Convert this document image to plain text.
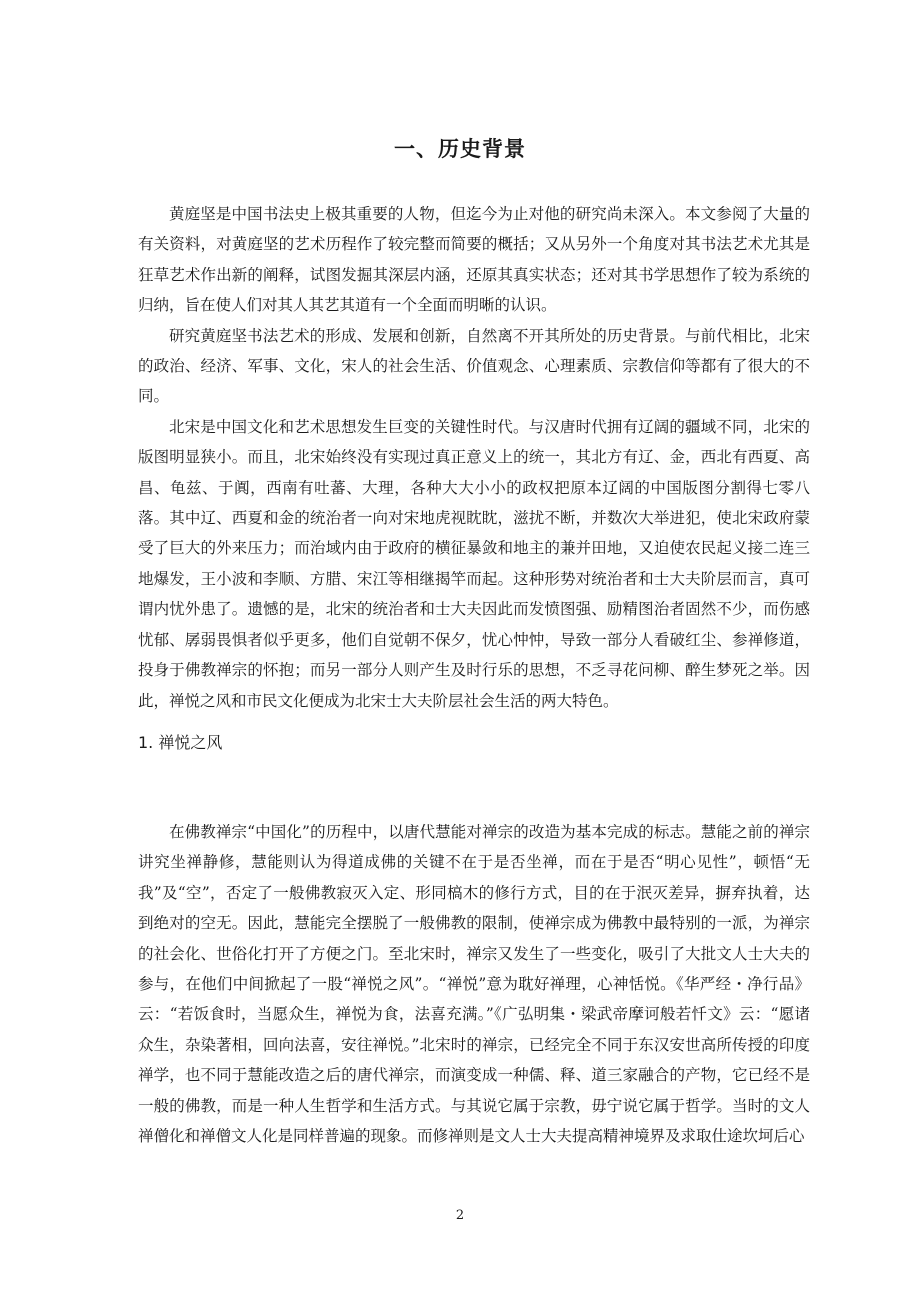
一、历史背景

黄庭坚是中国书法史上极其重要的人物，但迄今为止对他的研究尚未深入。本文参阅了大量的有关资料，对黄庭坚的艺术历程作了较完整而简要的概括；又从另外一个角度对其书法艺术尤其是狂草艺术作出新的阐释，试图发掘其深层内涵，还原其真实状态；还对其书学思想作了较为系统的归纳，旨在使人们对其人其艺其道有一个全面而明晰的认识。

研究黄庭坚书法艺术的形成、发展和创新，自然离不开其所处的历史背景。与前代相比，北宋的政治、经济、军事、文化，宋人的社会生活、价值观念、心理素质、宗教信仰等都有了很大的不同。

北宋是中国文化和艺术思想发生巨变的关键性时代。与汉唐时代拥有辽阔的疆域不同，北宋的版图明显狭小。而且，北宋始终没有实现过真正意义上的统一，其北方有辽、金，西北有西夏、高昌、龟兹、于阗，西南有吐蕃、大理，各种大大小小的政权把原本辽阔的中国版图分割得七零八落。其中辽、西夏和金的统治者一向对宋地虎视眈眈，滋扰不断，并数次大举进犯，使北宋政府蒙受了巨大的外来压力；而治域内由于政府的横征暴敛和地主的兼并田地，又迫使农民起义接二连三地爆发，王小波和李顺、方腊、宋江等相继揭竿而起。这种形势对统治者和士大夫阶层而言，真可谓内忧外患了。遗憾的是，北宋的统治者和士大夫因此而发愤图强、励精图治者固然不少，而伤感忧郁、孱弱畏惧者似乎更多，他们自觉朝不保夕，忧心忡忡，导致一部分人看破红尘、参禅修道，投身于佛教禅宗的怀抱；而另一部分人则产生及时行乐的思想，不乏寻花问柳、醉生梦死之举。因此，禅悦之风和市民文化便成为北宋士大夫阶层社会生活的两大特色。

1. 禅悦之风

在佛教禅宗“中国化”的历程中，以唐代慧能对禅宗的改造为基本完成的标志。慧能之前的禅宗讲究坐禅静修，慧能则认为得道成佛的关键不在于是否坐禅，而在于是否“明心见性”，顿悟“无我”及“空”，否定了一般佛教寂灭入定、形同槁木的修行方式，目的在于泯灭差异，摒弃执着，达到绝对的空无。因此，慧能完全摆脱了一般佛教的限制，使禅宗成为佛教中最特别的一派，为禅宗的社会化、世俗化打开了方便之门。至北宋时，禅宗又发生了一些变化，吸引了大批文人士大夫的参与，在他们中间掀起了一股“禅悦之风”。“禅悦”意为耽好禅理，心神恬悦。《华严经・净行品》云：“若饭食时，当愿众生，禅悦为食，法喜充满。”《广弘明集・梁武帝摩诃般若忏文》云：“愿诸众生，杂染著相，回向法喜，安往禅悦。”北宋时的禅宗，已经完全不同于东汉安世高所传授的印度禅学，也不同于慧能改造之后的唐代禅宗，而演变成一种儒、释、道三家融合的产物，它已经不是一般的佛教，而是一种人生哲学和生活方式。与其说它属于宗教，毋宁说它属于哲学。当时的文人禅僧化和禅僧文人化是同样普遍的现象。而修禅则是文人士大夫提高精神境界及求取仕途坎坷后心

2
